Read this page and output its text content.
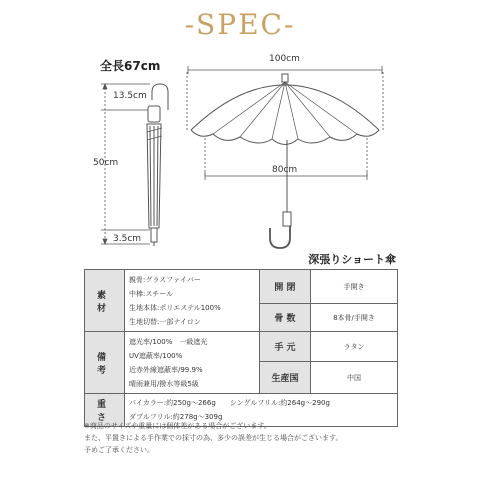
-SPEC-
全長67cm
13.5cm
50cm
3.5cm
100cm
80cm
深張りショート傘
素 材	親骨:グラスファイバー
中棒:スチール
生地本体:ポリエステル100%
生地切替:一部ナイロン	開 閉	手開き
		骨 数	8本骨/手開き
備 考	遮光率/100%　一級遮光
UV遮蔽率/100%
近赤外線遮蔽率/99.9%
晴雨兼用/撥水等級5級	手 元	ラタン
		生産国	中国
重 さ	パイカラー:約250g～266g　　シングルフリル:約264g～290g
ダブルフリル:約278g～309g		
※商品のサイズや重量には個体差がある場合がございます。
また、平置きによる手作業での採寸の為、多少の誤差が生じる場合がございます。
予めご了承ください。
